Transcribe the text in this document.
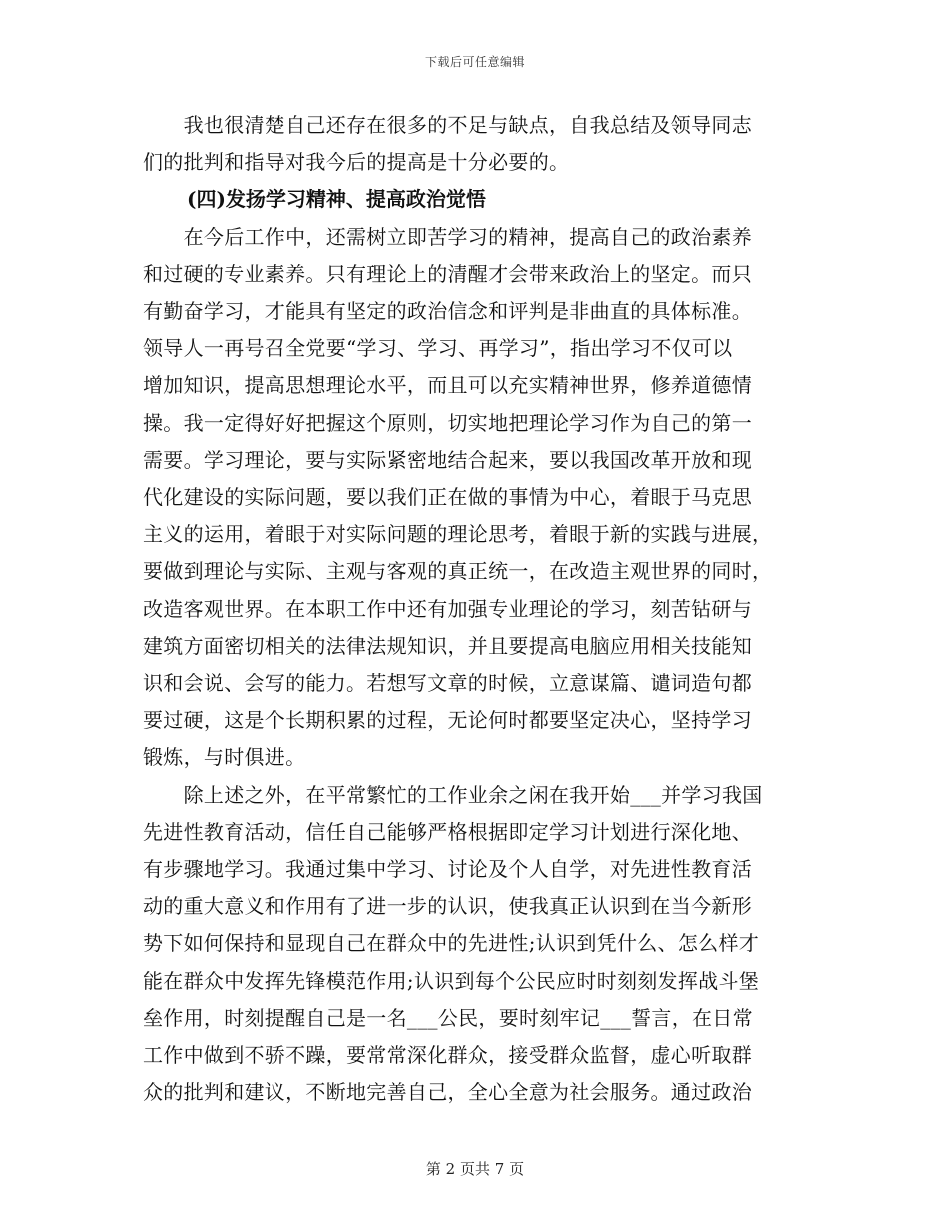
下载后可任意编辑
　　我也很清楚自己还存在很多的不足与缺点，自我总结及领导同志
们的批判和指导对我今后的提高是十分必要的。
(四)发扬学习精神、提高政治觉悟
　　在今后工作中，还需树立即苦学习的精神，提高自己的政治素养
和过硬的专业素养。只有理论上的清醒才会带来政治上的坚定。而只
有勤奋学习，才能具有坚定的政治信念和评判是非曲直的具体标准。
领导人一再号召全党要“学习、学习、再学习”，指出学习不仅可以
增加知识，提高思想理论水平，而且可以充实精神世界，修养道德情
操。我一定得好好把握这个原则，切实地把理论学习作为自己的第一
需要。学习理论，要与实际紧密地结合起来，要以我国改革开放和现
代化建设的实际问题，要以我们正在做的事情为中心，着眼于马克思
主义的运用，着眼于对实际问题的理论思考，着眼于新的实践与进展，
要做到理论与实际、主观与客观的真正统一，在改造主观世界的同时，
改造客观世界。在本职工作中还有加强专业理论的学习，刻苦钻研与
建筑方面密切相关的法律法规知识，并且要提高电脑应用相关技能知
识和会说、会写的能力。若想写文章的时候，立意谋篇、谴词造句都
要过硬，这是个长期积累的过程，无论何时都要坚定决心，坚持学习
锻炼，与时俱进。
　　除上述之外，在平常繁忙的工作业余之闲在我开始___并学习我国
先进性教育活动，信任自己能够严格根据即定学习计划进行深化地、
有步骤地学习。我通过集中学习、讨论及个人自学，对先进性教育活
动的重大意义和作用有了进一步的认识，使我真正认识到在当今新形
势下如何保持和显现自己在群众中的先进性;认识到凭什么、怎么样才
能在群众中发挥先锋模范作用;认识到每个公民应时时刻刻发挥战斗堡
垒作用，时刻提醒自己是一名___公民，要时刻牢记___誓言，在日常
工作中做到不骄不躁，要常常深化群众，接受群众监督，虚心听取群
众的批判和建议，不断地完善自己，全心全意为社会服务。通过政治
第 2 页共 7 页
